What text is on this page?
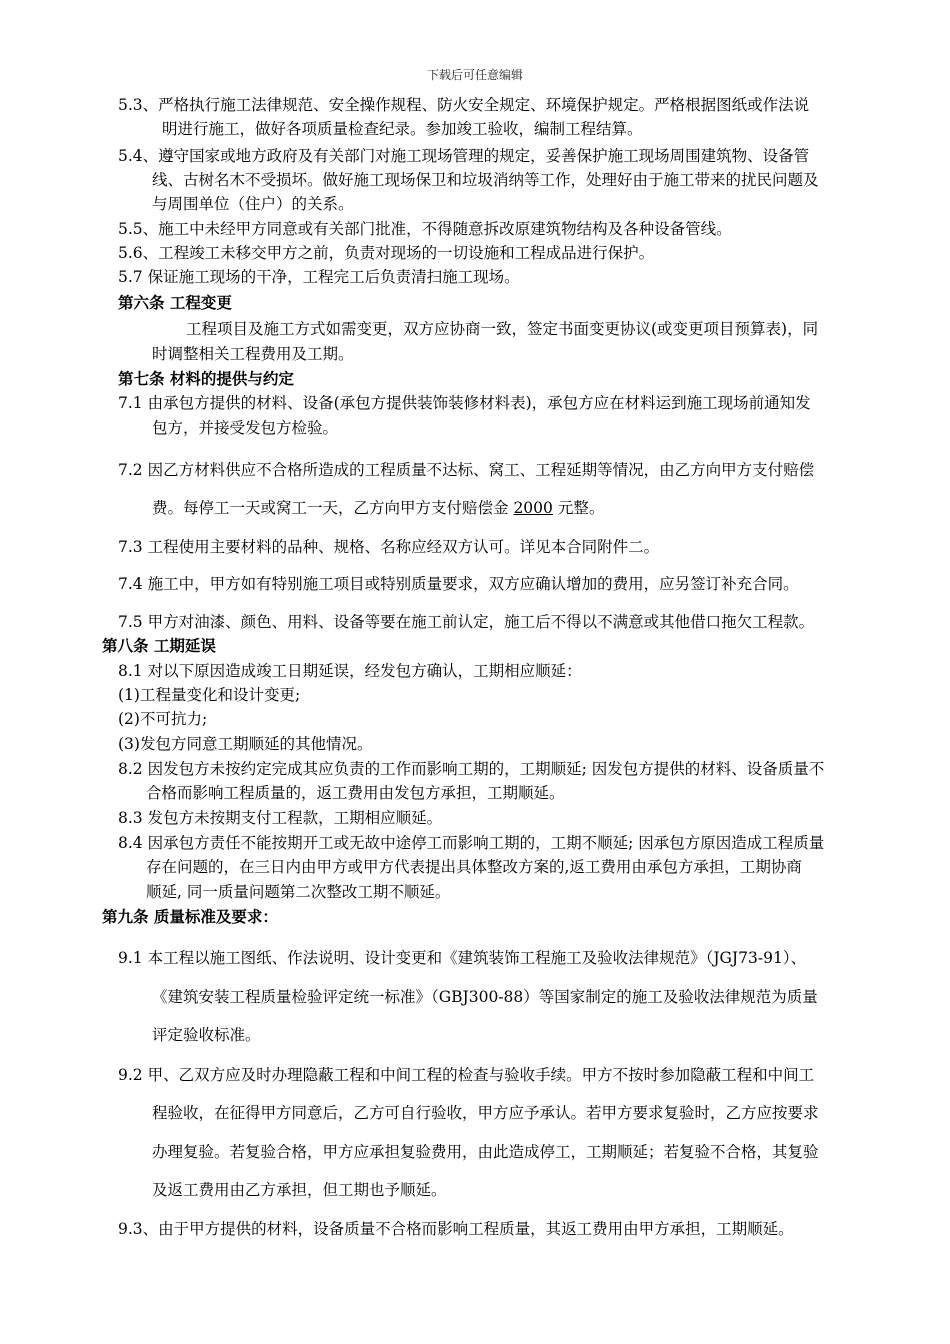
下载后可任意编辑

5.3、严格执行施工法律规范、安全操作规程、防火安全规定、环境保护规定。严格根据图纸或作法说

明进行施工，做好各项质量检查纪录。参加竣工验收，编制工程结算。

5.4、遵守国家或地方政府及有关部门对施工现场管理的规定，妥善保护施工现场周围建筑物、设备管

线、古树名木不受损坏。做好施工现场保卫和垃圾消纳等工作，处理好由于施工带来的扰民问题及

与周围单位（住户）的关系。

5.5、施工中未经甲方同意或有关部门批准，不得随意拆改原建筑物结构及各种设备管线。

5.6、工程竣工未移交甲方之前，负责对现场的一切设施和工程成品进行保护。

5.7 保证施工现场的干净，工程完工后负责清扫施工现场。

第六条 工程变更

工程项目及施工方式如需变更，双方应协商一致，签定书面变更协议(或变更项目预算表)，同

时调整相关工程费用及工期。

第七条 材料的提供与约定

7.1 由承包方提供的材料、设备(承包方提供装饰装修材料表)，承包方应在材料运到施工现场前通知发

包方，并接受发包方检验。

7.2 因乙方材料供应不合格所造成的工程质量不达标、窝工、工程延期等情况，由乙方向甲方支付赔偿

费。每停工一天或窝工一天，乙方向甲方支付赔偿金 2000 元整。

7.3 工程使用主要材料的品种、规格、名称应经双方认可。详见本合同附件二。

7.4 施工中，甲方如有特别施工项目或特别质量要求，双方应确认增加的费用，应另签订补充合同。

7.5 甲方对油漆、颜色、用料、设备等要在施工前认定，施工后不得以不满意或其他借口拖欠工程款。

第八条 工期延误

8.1 对以下原因造成竣工日期延误，经发包方确认，工期相应顺延：

(1)工程量变化和设计变更;

(2)不可抗力;

(3)发包方同意工期顺延的其他情况。

8.2 因发包方未按约定完成其应负责的工作而影响工期的，工期顺延; 因发包方提供的材料、设备质量不

合格而影响工程质量的，返工费用由发包方承担，工期顺延。

8.3 发包方未按期支付工程款，工期相应顺延。

8.4 因承包方责任不能按期开工或无故中途停工而影响工期的，工期不顺延; 因承包方原因造成工程质量

存在问题的，在三日内由甲方或甲方代表提出具体整改方案的,返工费用由承包方承担，工期协商

顺延, 同一质量问题第二次整改工期不顺延。

第九条 质量标准及要求：

9.1 本工程以施工图纸、作法说明、设计变更和《建筑装饰工程施工及验收法律规范》（JGJ73-91）、

《建筑安装工程质量检验评定统一标准》（GBJ300-88）等国家制定的施工及验收法律规范为质量

评定验收标准。

9.2 甲、乙双方应及时办理隐蔽工程和中间工程的检查与验收手续。甲方不按时参加隐蔽工程和中间工

程验收，在征得甲方同意后，乙方可自行验收，甲方应予承认。若甲方要求复验时，乙方应按要求

办理复验。若复验合格，甲方应承担复验费用，由此造成停工，工期顺延；若复验不合格，其复验

及返工费用由乙方承担，但工期也予顺延。

9.3、由于甲方提供的材料，设备质量不合格而影响工程质量，其返工费用由甲方承担，工期顺延。
